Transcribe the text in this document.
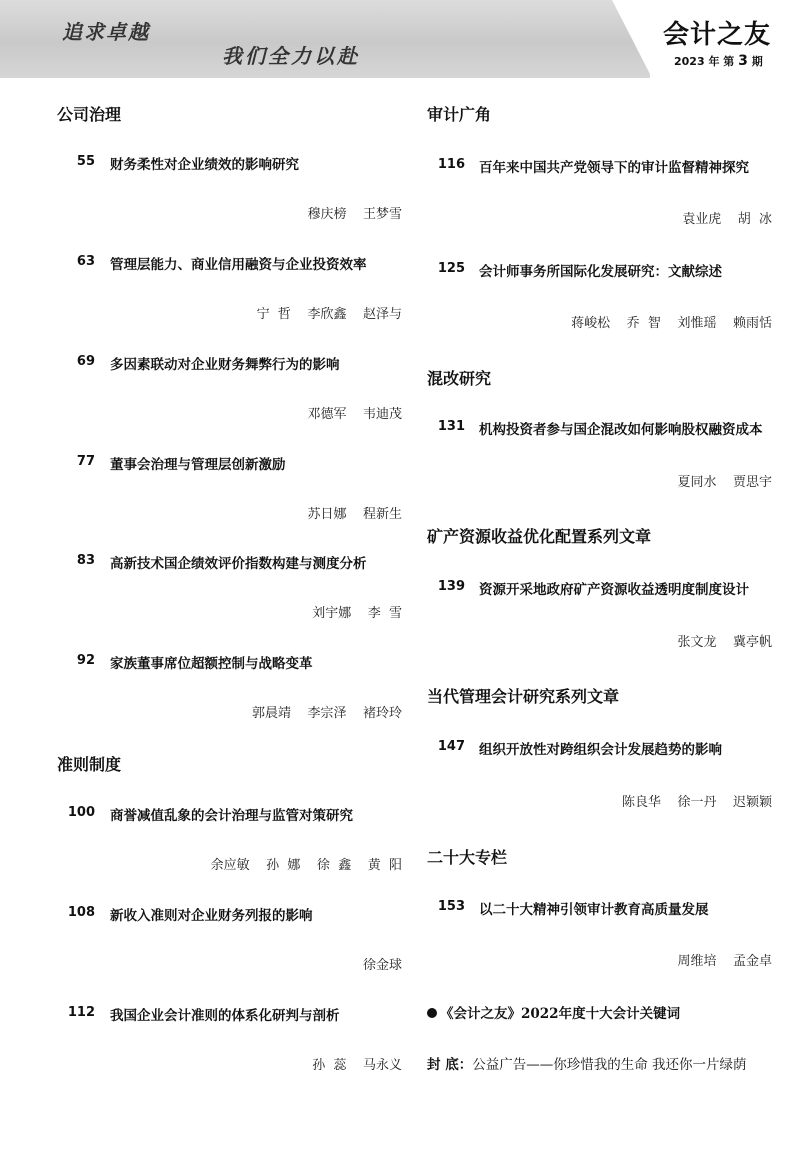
追求卓越
我们全力以赴
会计之友
2023 年 第 3 期
公司治理
55 财务柔性对企业绩效的影响研究
穆庆榜    王梦雪
63 管理层能力、商业信用融资与企业投资效率
宁  哲    李欣鑫    赵泽与
69 多因素联动对企业财务舞弊行为的影响
邓德军    韦迪茂
77 董事会治理与管理层创新激励
苏日娜    程新生
83 高新技术国企绩效评价指数构建与测度分析
刘宇娜    李  雪
92 家族董事席位超额控制与战略变革
郭晨靖    李宗泽    褚玲玲
准则制度
100 商誉减值乱象的会计治理与监管对策研究
余应敏    孙  娜    徐  鑫    黄  阳
108 新收入准则对企业财务列报的影响
徐金球
112 我国企业会计准则的体系化研判与剖析
孙  蕊    马永义
审计广角
116 百年来中国共产党领导下的审计监督精神探究
袁业虎    胡  冰
125 会计师事务所国际化发展研究：文献综述
蒋峻松    乔  智    刘惟瑶    赖雨恬
混改研究
131 机构投资者参与国企混改如何影响股权融资成本
夏同水    贾思宇
矿产资源收益优化配置系列文章
139 资源开采地政府矿产资源收益透明度制度设计
张文龙    冀亭帆
当代管理会计研究系列文章
147 组织开放性对跨组织会计发展趋势的影响
陈良华    徐一丹    迟颖颖
二十大专栏
153 以二十大精神引领审计教育高质量发展
周维培    孟金卓
《会计之友》2022年度十大会计关键词
封 底：公益广告——你珍惜我的生命 我还你一片绿荫
